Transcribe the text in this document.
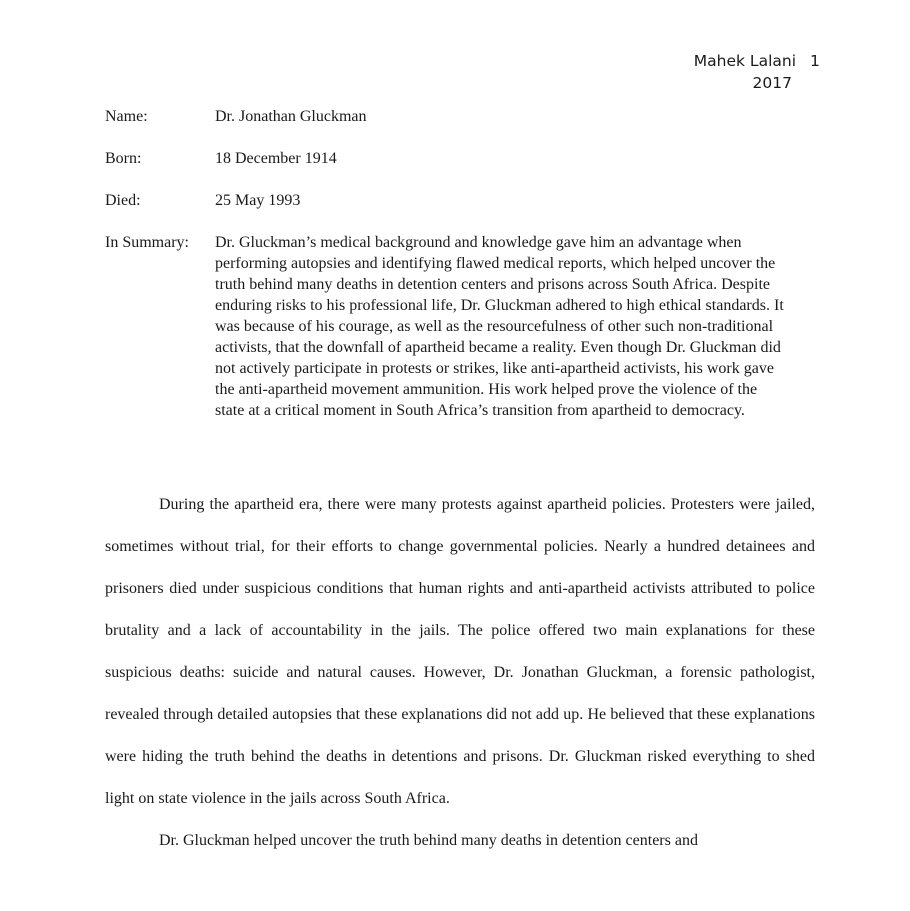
Mahek Lalani 1
2017
Name:	Dr. Jonathan Gluckman
Born:	18 December 1914
Died:	25 May 1993
In Summary: Dr. Gluckman’s medical background and knowledge gave him an advantage when performing autopsies and identifying flawed medical reports, which helped uncover the truth behind many deaths in detention centers and prisons across South Africa. Despite enduring risks to his professional life, Dr. Gluckman adhered to high ethical standards. It was because of his courage, as well as the resourcefulness of other such non-traditional activists, that the downfall of apartheid became a reality. Even though Dr. Gluckman did not actively participate in protests or strikes, like anti-apartheid activists, his work gave the anti-apartheid movement ammunition. His work helped prove the violence of the state at a critical moment in South Africa’s transition from apartheid to democracy.

During the apartheid era, there were many protests against apartheid policies. Protesters were jailed, sometimes without trial, for their efforts to change governmental policies. Nearly a hundred detainees and prisoners died under suspicious conditions that human rights and anti-apartheid activists attributed to police brutality and a lack of accountability in the jails. The police offered two main explanations for these suspicious deaths: suicide and natural causes. However, Dr. Jonathan Gluckman, a forensic pathologist, revealed through detailed autopsies that these explanations did not add up. He believed that these explanations were hiding the truth behind the deaths in detentions and prisons. Dr. Gluckman risked everything to shed light on state violence in the jails across South Africa.

Dr. Gluckman helped uncover the truth behind many deaths in detention centers and
